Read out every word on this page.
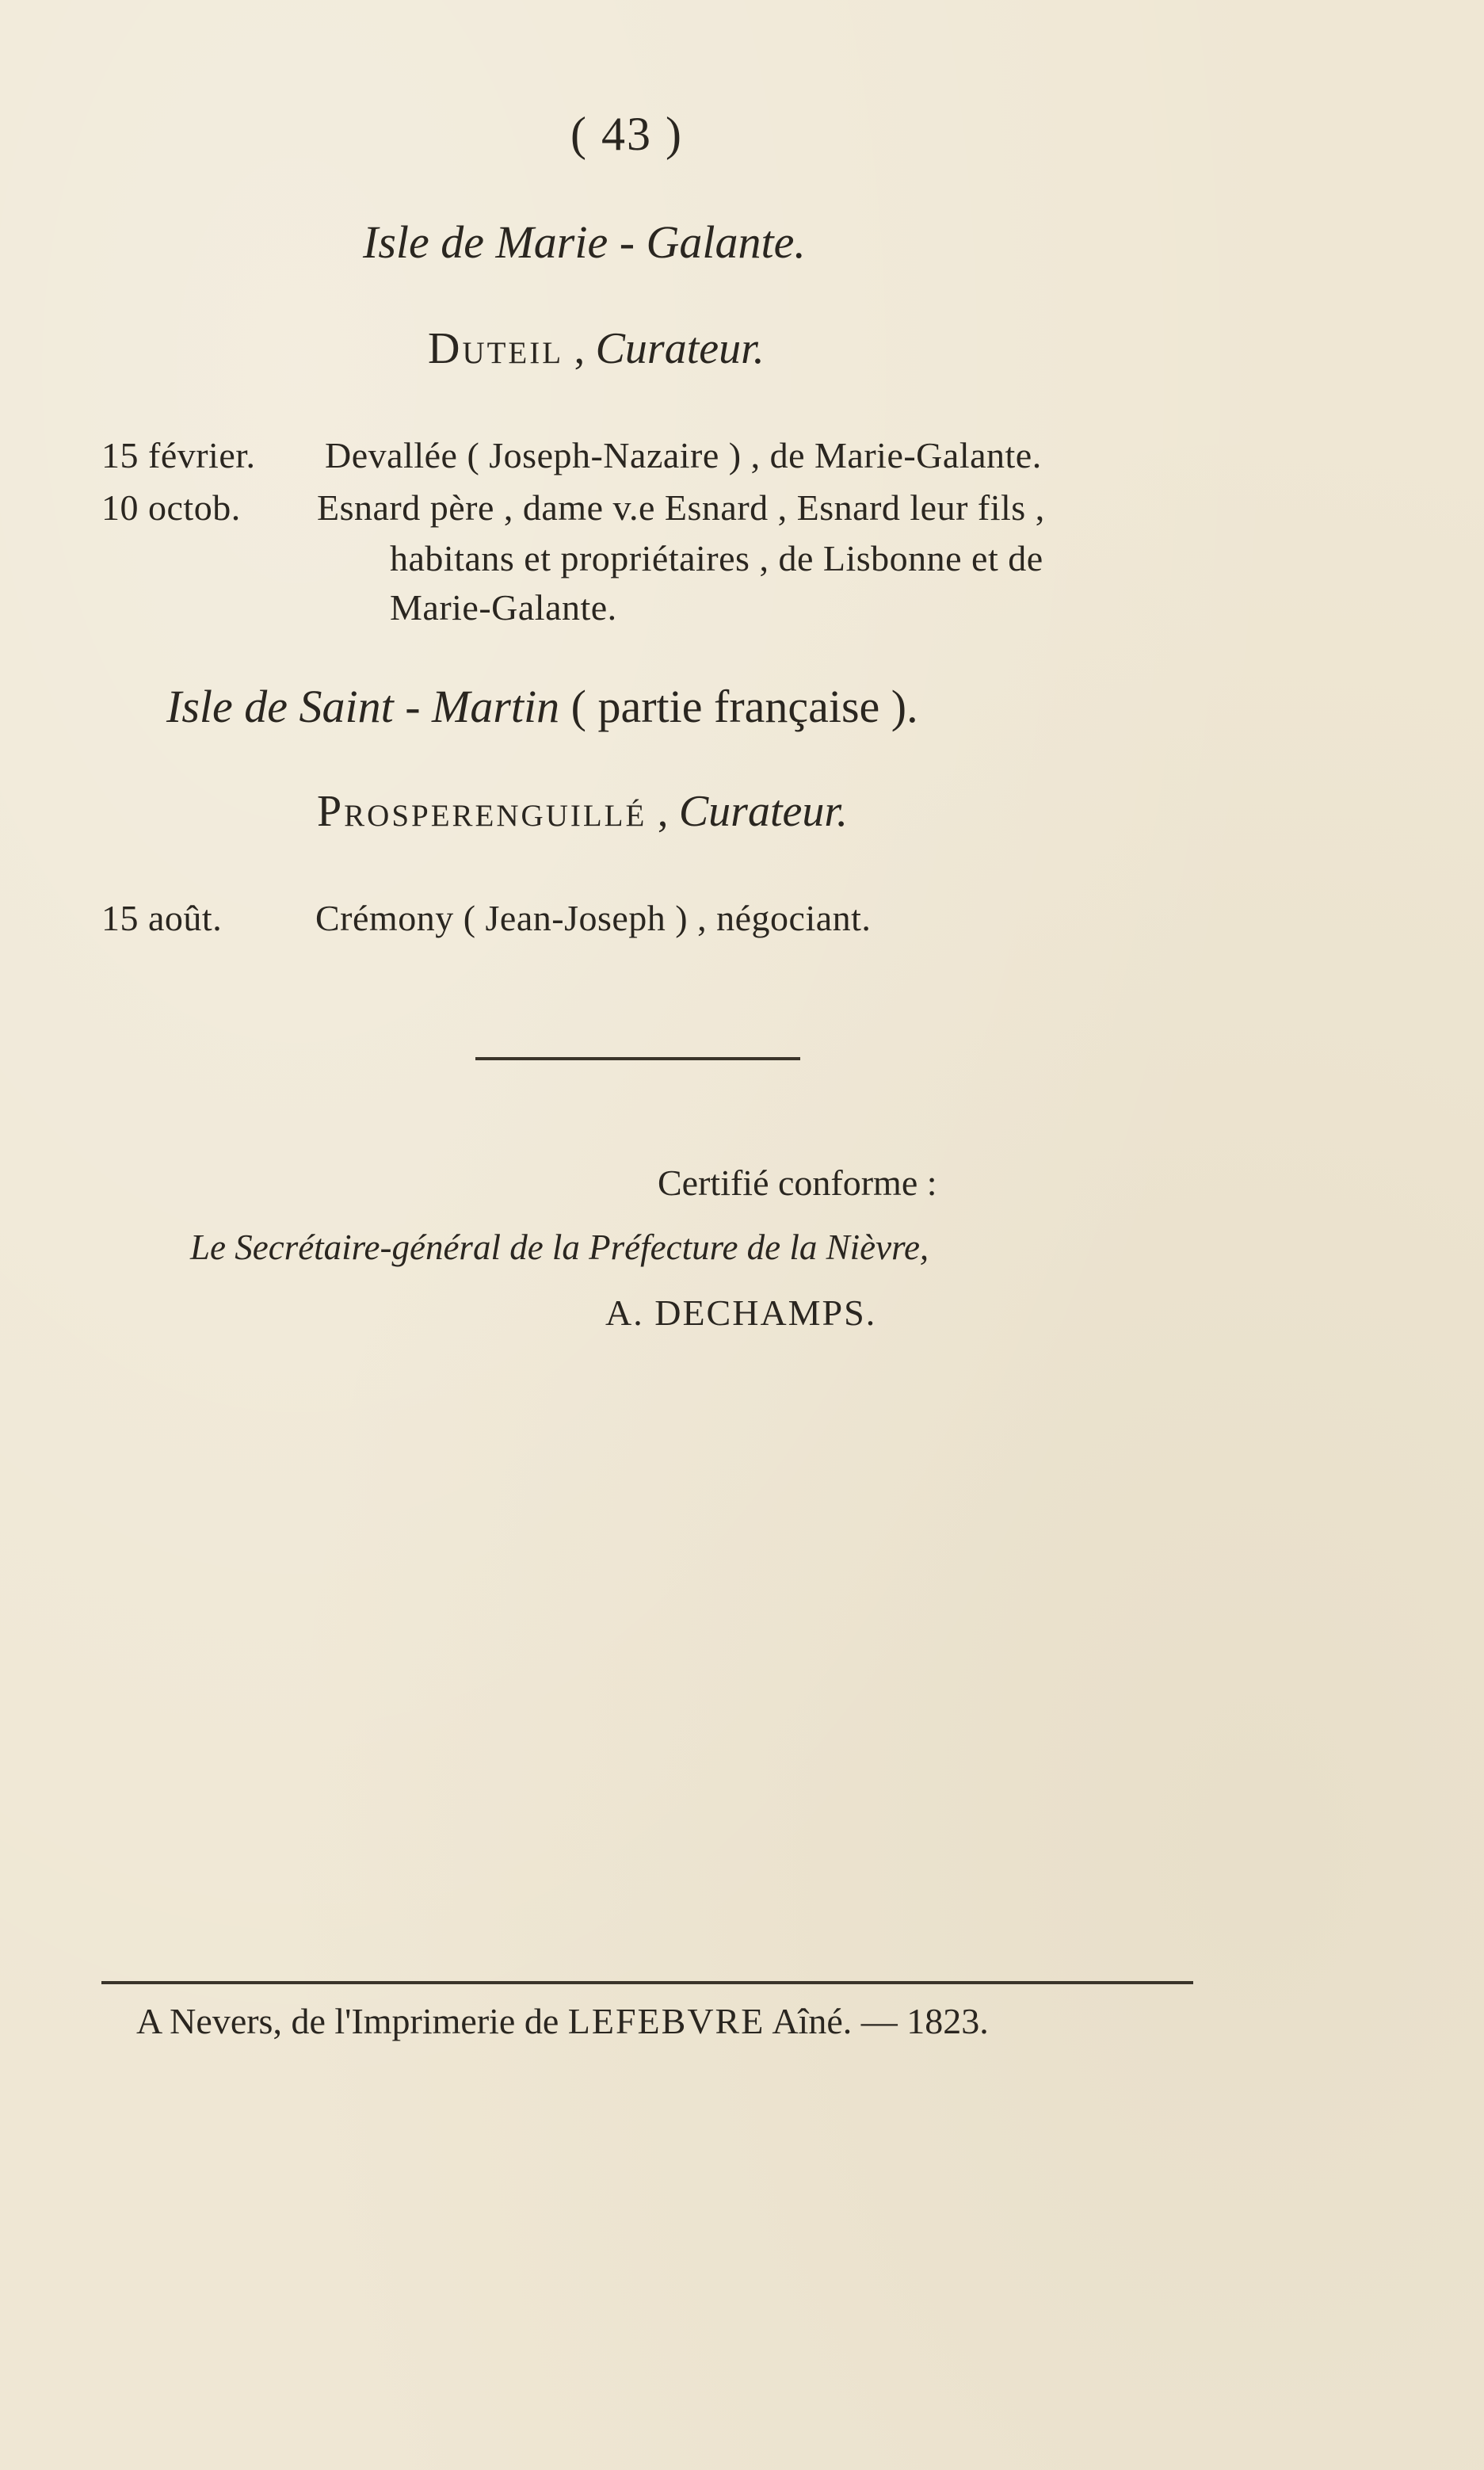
( 43 )
Isle de Marie - Galante.
Duteil , Curateur.
15 février. Devallée ( Joseph-Nazaire ) , de Marie-Galante.
10 octob. Esnard père , dame v.e Esnard , Esnard leur fils ,
habitans et propriétaires , de Lisbonne et de
Marie-Galante.
Isle de Saint - Martin ( partie française ).
Prosperenguillé , Curateur.
15 août.	Crémony ( Jean-Joseph ) , négociant.
Certifié conforme :
Le Secrétaire-général de la Préfecture de la Nièvre,
A. DECHAMPS.
A Nevers, de l'Imprimerie de LEFEBVRE Aîné. — 1823.
